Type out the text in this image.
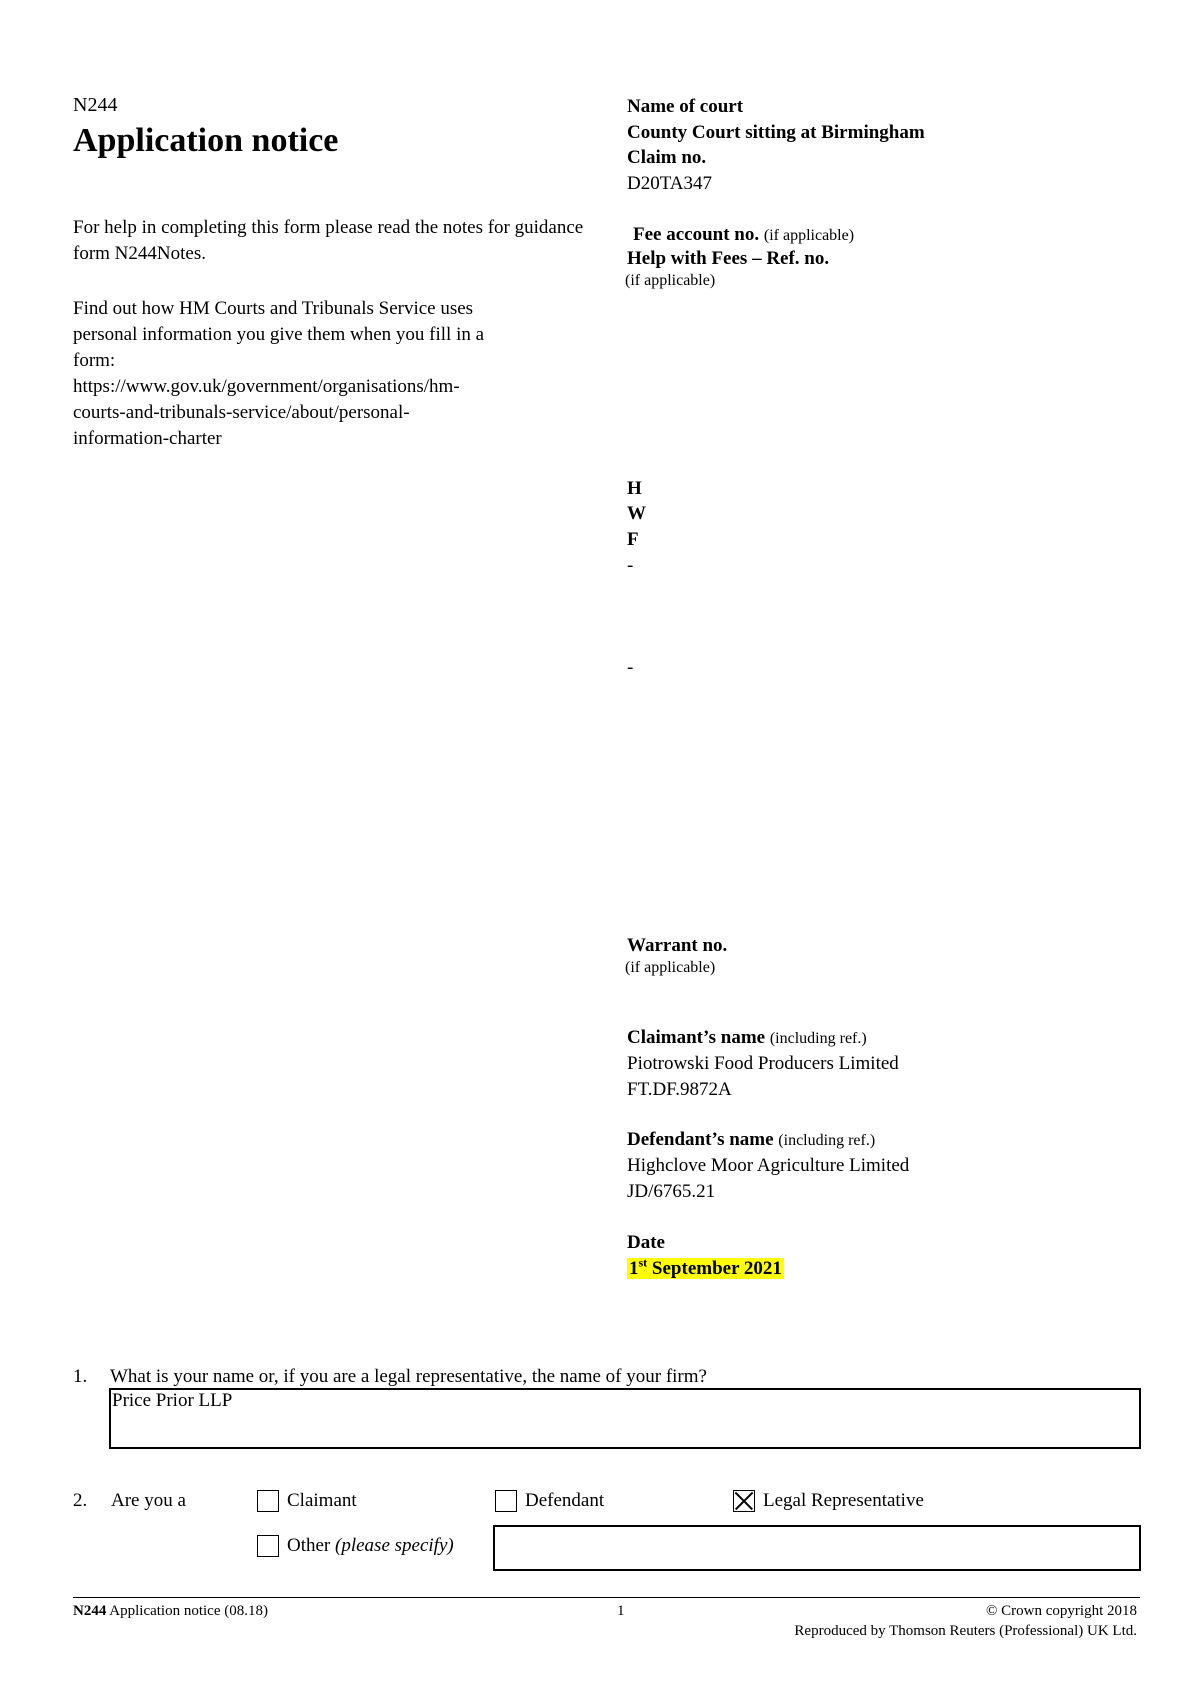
N244
Application notice
For help in completing this form please read the notes for guidance form N244Notes.
Find out how HM Courts and Tribunals Service uses
personal information you give them when you fill in a
form:
https://www.gov.uk/government/organisations/hm-
courts-and-tribunals-service/about/personal-
information-charter
Name of court
County Court sitting at Birmingham
Claim no.
D20TA347
Fee account no. (if applicable)
Help with Fees – Ref. no.
(if applicable)
H
W
F
-
-
Warrant no.
(if applicable)
Claimant’s name (including ref.)
Piotrowski Food Producers Limited
FT.DF.9872A
Defendant’s name (including ref.)
Highclove Moor Agriculture Limited
JD/6765.21
Date
1st September 2021
1. What is your name or, if you are a legal representative, the name of your firm?
Price Prior LLP
2. Are you a	Claimant	Defendant	Legal Representative
Other (please specify)
N244 Application notice (08.18)	1	© Crown copyright 2018
Reproduced by Thomson Reuters (Professional) UK Ltd.
